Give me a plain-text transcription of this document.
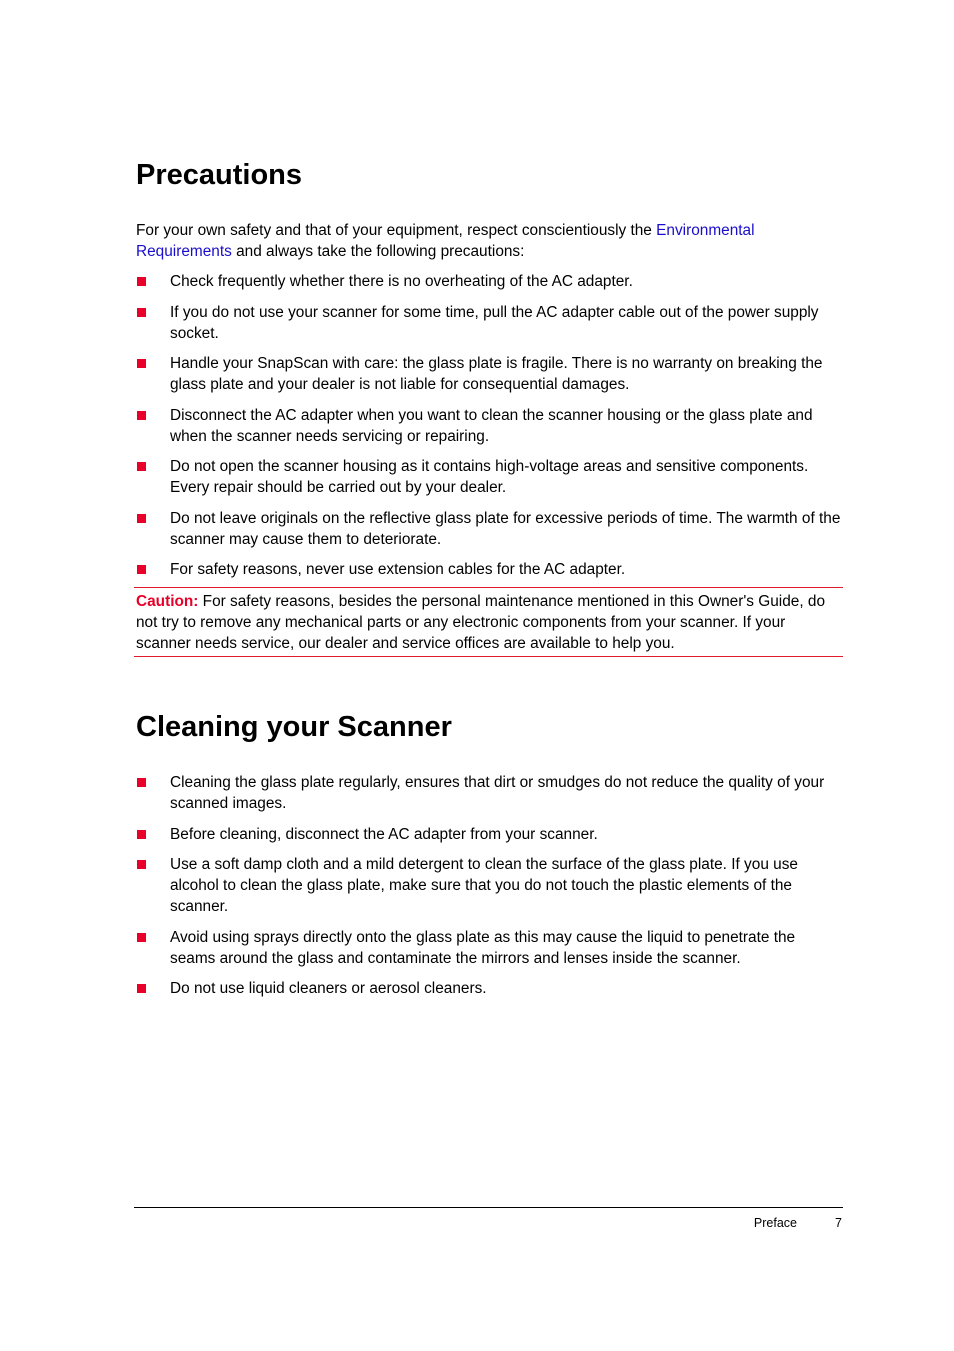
Precautions

For your own safety and that of your equipment, respect conscientiously the Environmental Requirements and always take the following precautions:

Check frequently whether there is no overheating of the AC adapter.
If you do not use your scanner for some time, pull the AC adapter cable out of the power supply socket.
Handle your SnapScan with care: the glass plate is fragile. There is no warranty on breaking the glass plate and your dealer is not liable for consequential damages.
Disconnect the AC adapter when you want to clean the scanner housing or the glass plate and when the scanner needs servicing or repairing.
Do not open the scanner housing as it contains high-voltage areas and sensitive components. Every repair should be carried out by your dealer.
Do not leave originals on the reflective glass plate for excessive periods of time. The warmth of the scanner may cause them to deteriorate.
For safety reasons, never use extension cables for the AC adapter.
Caution: For safety reasons, besides the personal maintenance mentioned in this Owner's Guide, do not try to remove any mechanical parts or any electronic components from your scanner. If your scanner needs service, our dealer and service offices are available to help you.
Cleaning your Scanner
Cleaning the glass plate regularly, ensures that dirt or smudges do not reduce the quality of your scanned images.
Before cleaning, disconnect the AC adapter from your scanner.
Use a soft damp cloth and a mild detergent to clean the surface of the glass plate. If you use alcohol to clean the glass plate, make sure that you do not touch the plastic elements of the scanner.
Avoid using sprays directly onto the glass plate as this may cause the liquid to penetrate the seams around the glass and contaminate the mirrors and lenses inside the scanner.
Do not use liquid cleaners or aerosol cleaners.
Preface	7
